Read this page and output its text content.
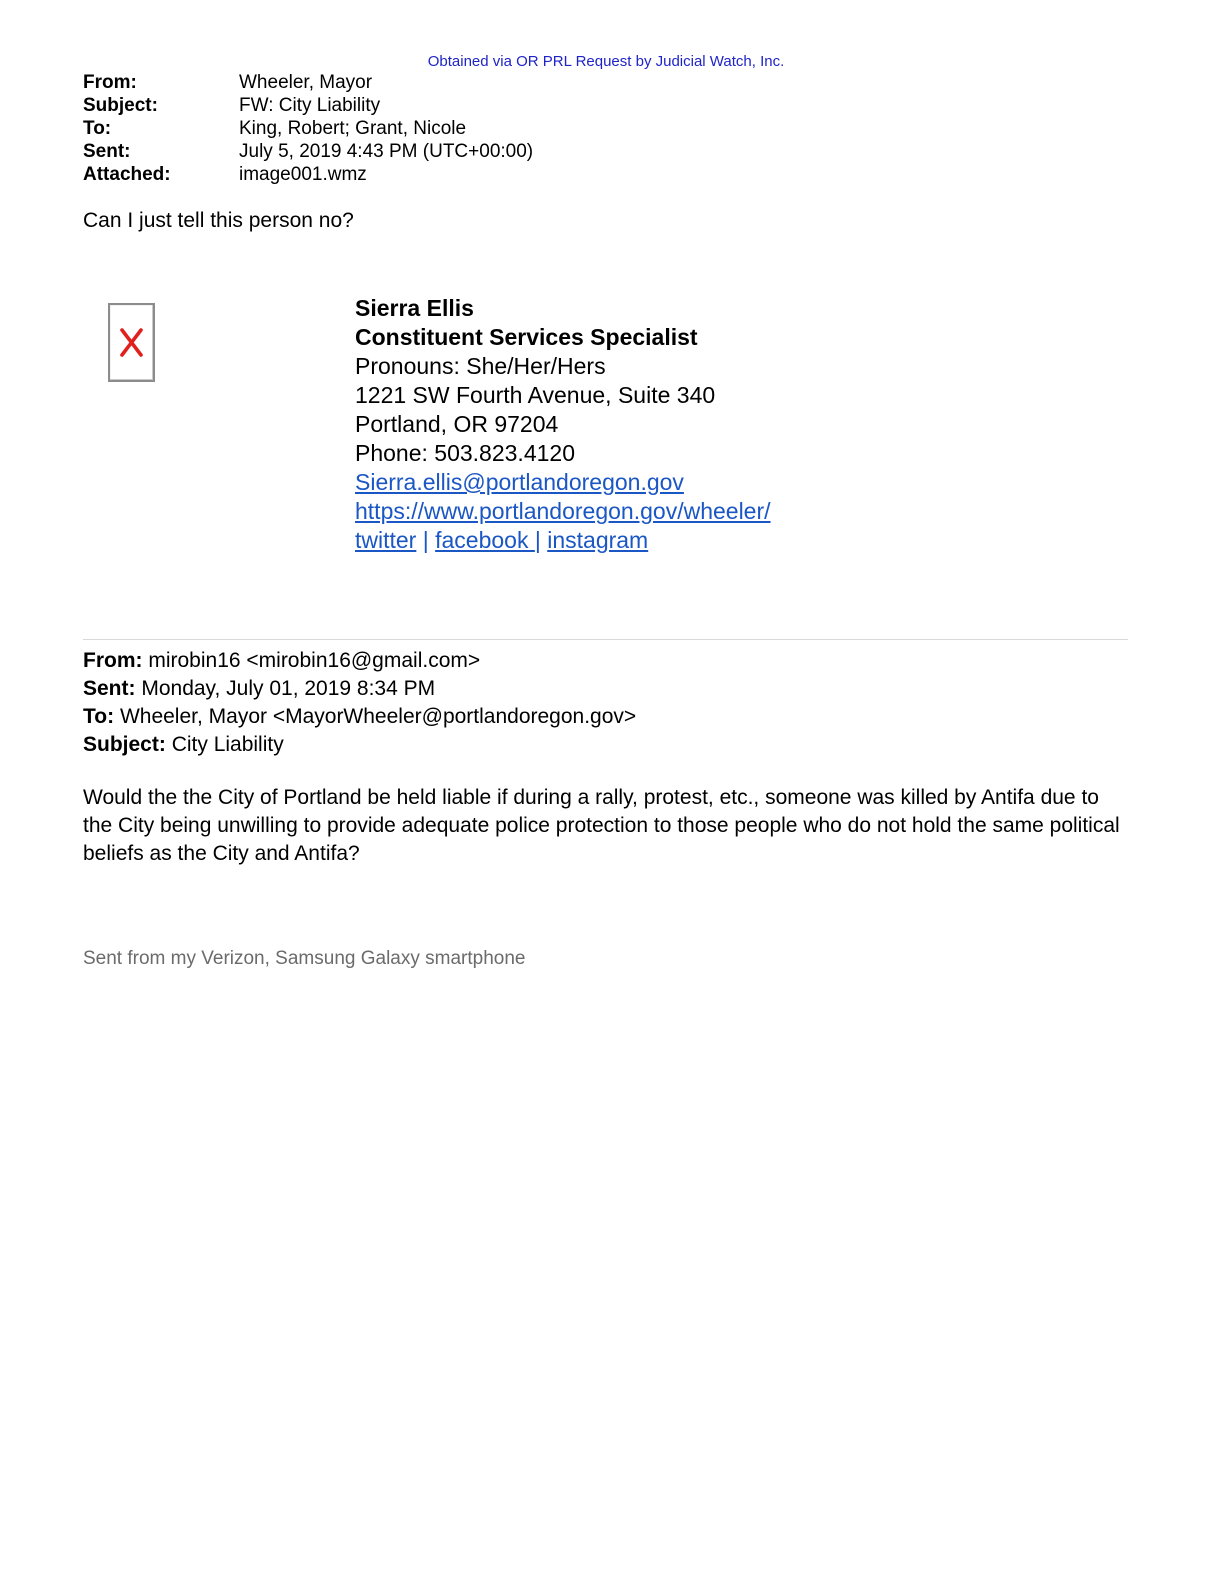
Obtained via OR PRL Request by Judicial Watch, Inc.
From:	Wheeler, Mayor
Subject:	FW: City Liability
To:	King, Robert; Grant, Nicole
Sent:	July 5, 2019 4:43 PM (UTC+00:00)
Attached:	image001.wmz
Can I just tell this person no?
Sierra Ellis
Constituent Services Specialist
Pronouns: She/Her/Hers
1221 SW Fourth Avenue, Suite 340
Portland, OR 97204
Phone: 503.823.4120
Sierra.ellis@portlandoregon.gov
https://www.portlandoregon.gov/wheeler/
twitter | facebook | instagram
From: mirobin16 <mirobin16@gmail.com>
Sent: Monday, July 01, 2019 8:34 PM
To: Wheeler, Mayor <MayorWheeler@portlandoregon.gov>
Subject: City Liability
Would the the City of Portland be held liable if during a rally, protest, etc., someone was killed by Antifa due to the City being unwilling to provide adequate police protection to those people who do not hold the same political beliefs as the City and Antifa?
Sent from my Verizon, Samsung Galaxy smartphone
